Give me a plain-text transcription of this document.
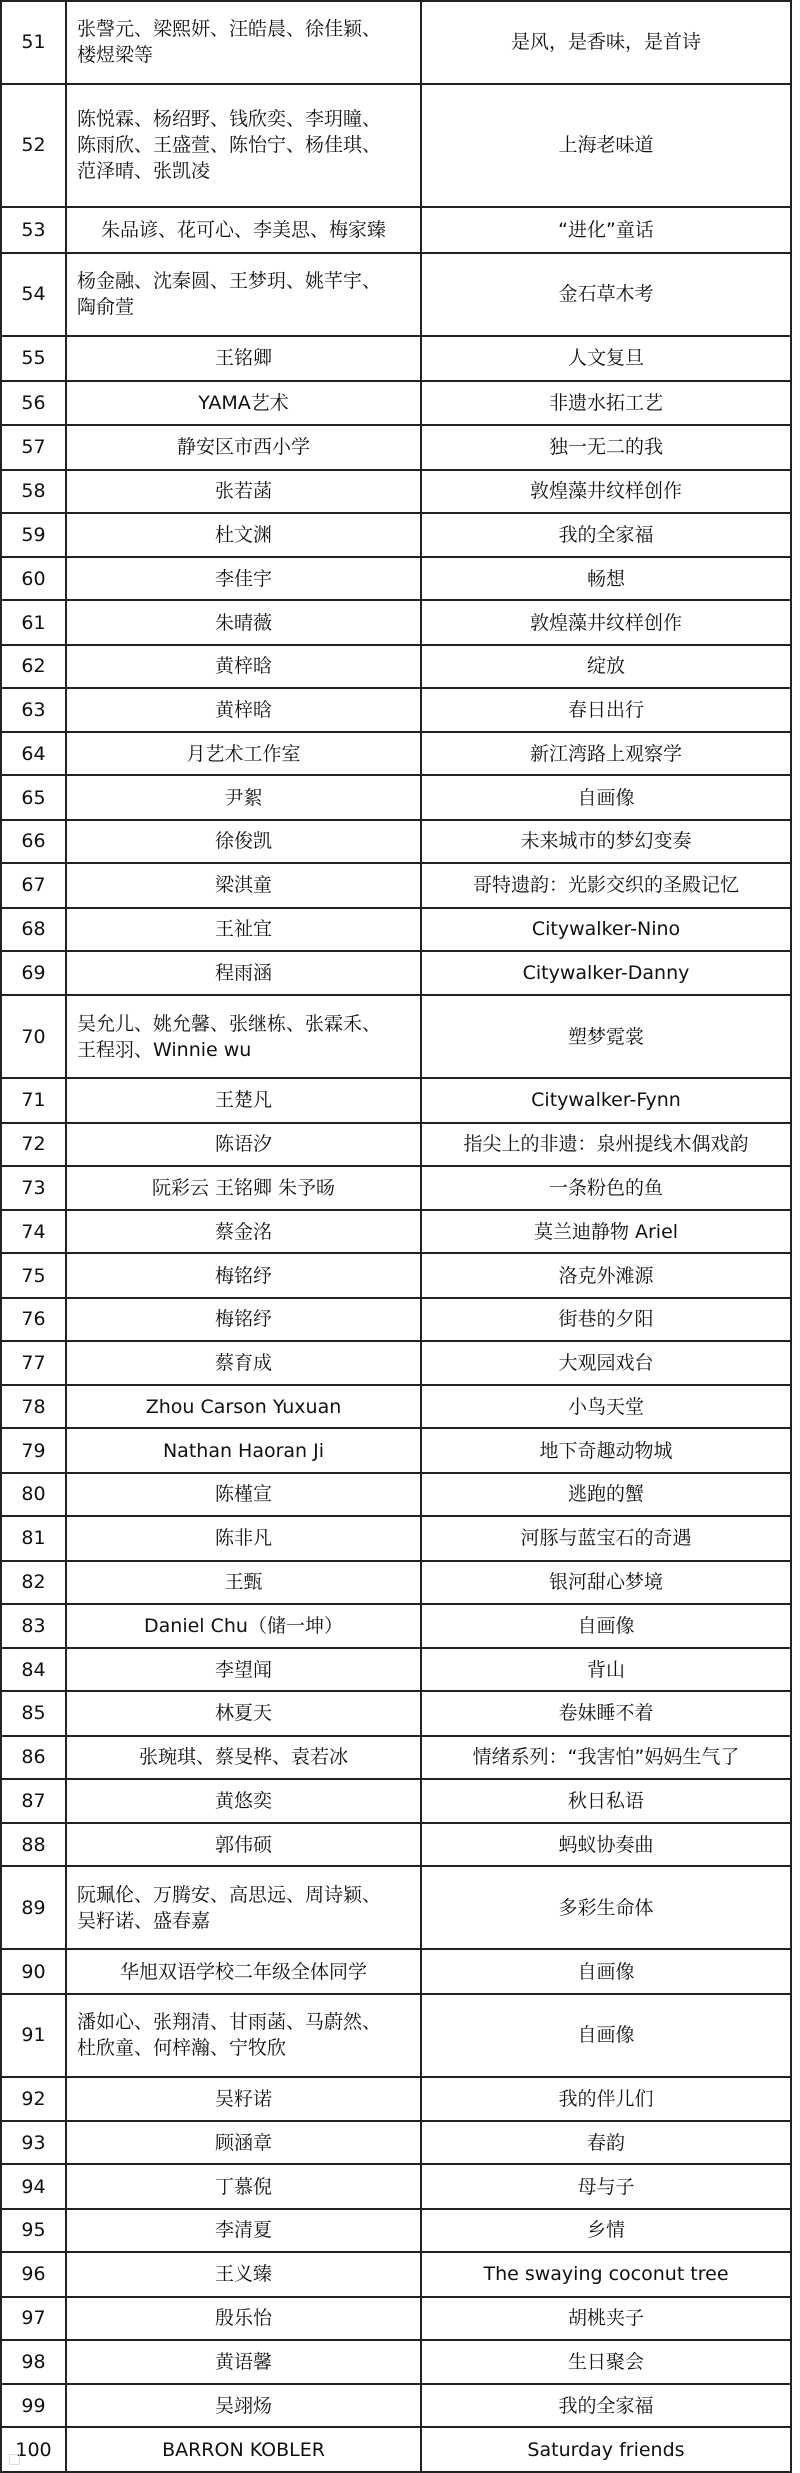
51	张謦元、梁熙妍、汪皓晨、徐佳颖、
楼煜梁等	是风，是香味，是首诗
52	陈悦霖、杨绍野、钱欣奕、李玥瞳、
陈雨欣、王盛萱、陈怡宁、杨佳琪、
范泽晴、张凯凌	上海老味道
53	朱品谚、花可心、李美思、梅家臻	“进化”童话
54	杨金融、沈秦圆、王梦玥、姚芊宇、
陶俞萱	金石草木考
55	王铭卿	人文复旦
56	YAMA艺术	非遗水拓工艺
57	静安区市西小学	独一无二的我
58	张若菡	敦煌藻井纹样创作
59	杜文渊	我的全家福
60	李佳宇	畅想
61	朱晴薇	敦煌藻井纹样创作
62	黄梓晗	绽放
63	黄梓晗	春日出行
64	月艺术工作室	新江湾路上观察学
65	尹絮	自画像
66	徐俊凯	未来城市的梦幻变奏
67	梁淇童	哥特遗韵：光影交织的圣殿记忆
68	王祉宜	Citywalker-Nino
69	程雨涵	Citywalker-Danny
70	吴允儿、姚允馨、张继栋、张霖禾、
王程羽、Winnie wu	塑梦霓裳
71	王楚凡	Citywalker-Fynn
72	陈语汐	指尖上的非遗：泉州提线木偶戏韵
73	阮彩云 王铭卿 朱予旸	一条粉色的鱼
74	蔡金洺	莫兰迪静物 Ariel
75	梅铭纾	洛克外滩源
76	梅铭纾	街巷的夕阳
77	蔡育成	大观园戏台
78	Zhou Carson Yuxuan	小鸟天堂
79	Nathan Haoran Ji	地下奇趣动物城
80	陈槿宣	逃跑的蟹
81	陈非凡	河豚与蓝宝石的奇遇
82	王甄	银河甜心梦境
83	Daniel Chu（储一坤）	自画像
84	李望闻	背山
85	林夏天	卷妹睡不着
86	张琬琪、蔡旻桦、袁若冰	情绪系列：“我害怕”妈妈生气了
87	黄悠奕	秋日私语
88	郭伟硕	蚂蚁协奏曲
89	阮珮伦、万腾安、高思远、周诗颖、
吴籽诺、盛春嘉	多彩生命体
90	华旭双语学校二年级全体同学	自画像
91	潘如心、张翔清、甘雨菡、马蔚然、
杜欣童、何梓瀚、宁牧欣	自画像
92	吴籽诺	我的伴儿们
93	顾涵章	春韵
94	丁慕倪	母与子
95	李清夏	乡情
96	王义臻	The swaying coconut tree
97	殷乐怡	胡桃夹子
98	黄语馨	生日聚会
99	吴翊炀	我的全家福
100	BARRON KOBLER	Saturday friends
□
